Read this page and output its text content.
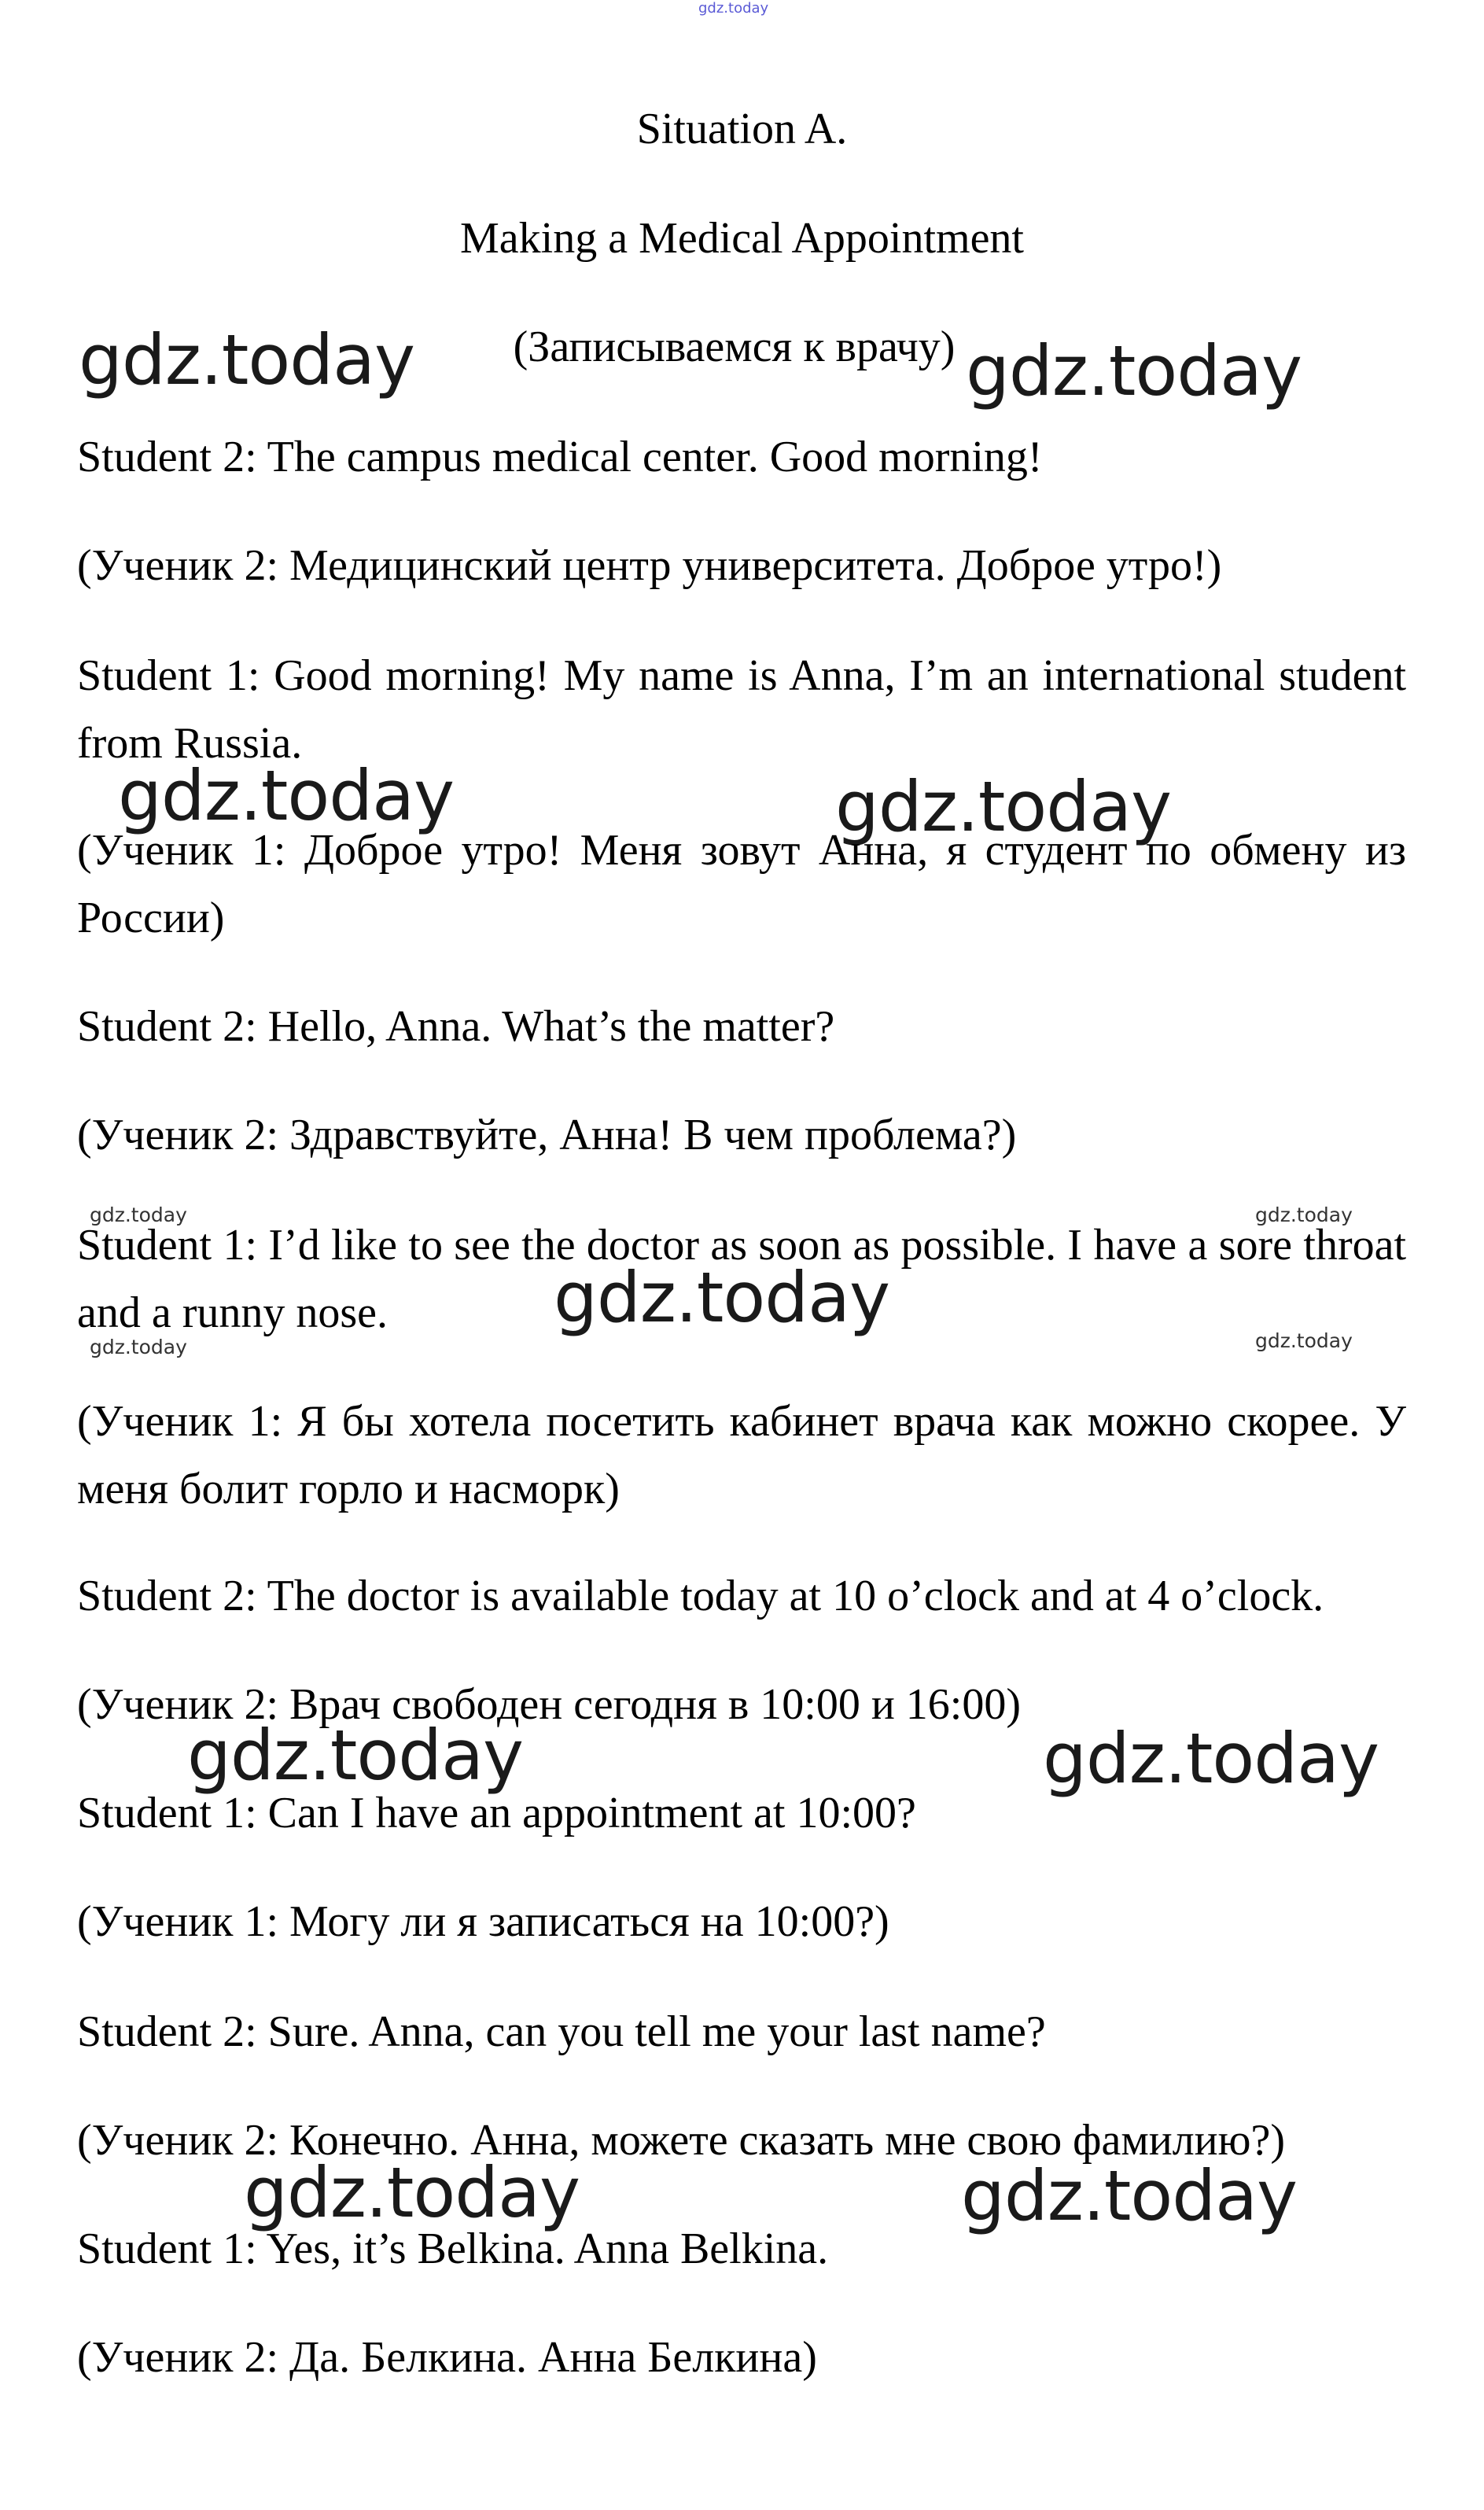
gdz.today

Situation A.

Making a Medical Appointment

(Записываемся к врачу)

gdz.today	gdz.today

Student 2: The campus medical center. Good morning!

(Ученик 2: Медицинский центр университета. Доброе утро!)

Student 1: Good morning! My name is Anna, I’m an international student from Russia.

gdz.today	gdz.today

(Ученик 1: Доброе утро! Меня зовут Анна, я студент по обмену из России)

Student 2: Hello, Anna. What’s the matter?

(Ученик 2: Здравствуйте, Анна! В чем проблема?)

gdz.today	gdz.today

Student 1: I’d like to see the doctor as soon as possible. I have a sore throat and a runny nose.	gdz.today
gdz.today	gdz.today

(Ученик 1: Я бы хотела посетить кабинет врача как можно скорее. У меня болит горло и насморк)

Student 2: The doctor is available today at 10 o’clock and at 4 o’clock.

(Ученик 2: Врач свободен сегодня в 10:00 и 16:00)

gdz.today	gdz.today

Student 1: Can I have an appointment at 10:00?

(Ученик 1: Могу ли я записаться на 10:00?)

Student 2: Sure. Anna, can you tell me your last name?

(Ученик 2: Конечно. Анна, можете сказать мне свою фамилию?)

gdz.today	gdz.today

Student 1: Yes, it’s Belkina. Anna Belkina.

(Ученик 2: Да. Белкина. Анна Белкина)
